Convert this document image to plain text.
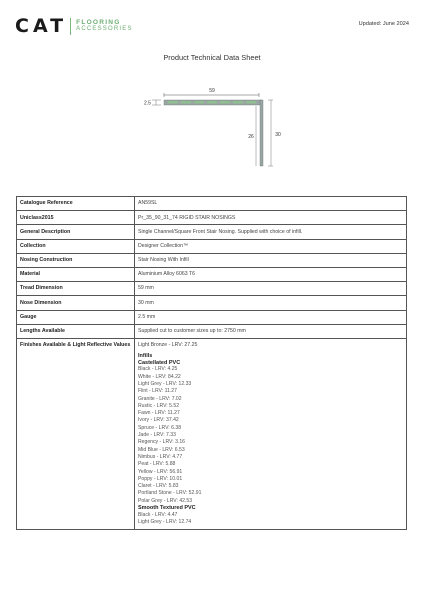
CAT FLOORING
ACCESSORIES
Updated: June 2024
Product Technical Data Sheet
59
2.5
26	30
Catalogue Reference	AN59SL
Uniclass2015	Pr_35_90_31_74 RIGID STAIR NOSINGS
General Description	Single Channel/Square Front Stair Nosing. Supplied with choice of infill.
Collection	Designer Collection™
Nosing Construction	Stair Nosing With Infill
Material	Aluminium Alloy 6063 T6
Tread Dimension	59 mm
Nose Dimension	30 mm
Gauge	2.5 mm
Lengths Available	Supplied cut to customer sizes up to: 2750 mm
Finishes Available & Light Reflective Values	Light Bronze - LRV: 27.25
Infills
Castellated PVC
Black - LRV: 4.25
White - LRV: 84.22
Light Grey - LRV: 12.33
Flint - LRV: 11.27
Granite - LRV: 7.02
Rustic - LRV: 5.52
Fawn - LRV: 11.27
Ivory - LRV: 37.42
Spruce - LRV: 6.38
Jade - LRV: 7.33
Regency - LRV: 3.16
Mid Blue - LRV: 6.53
Nimbus - LRV: 4.77
Peat - LRV: 5.88
Yellow - LRV: 56.91
Poppy - LRV: 10.01
Claret - LRV: 5.83
Portland Stone - LRV: 52.91
Polar Grey - LRV: 42.53
Smooth Textured PVC
Black - LRV: 4.47
Light Grey - LRV: 12.74
